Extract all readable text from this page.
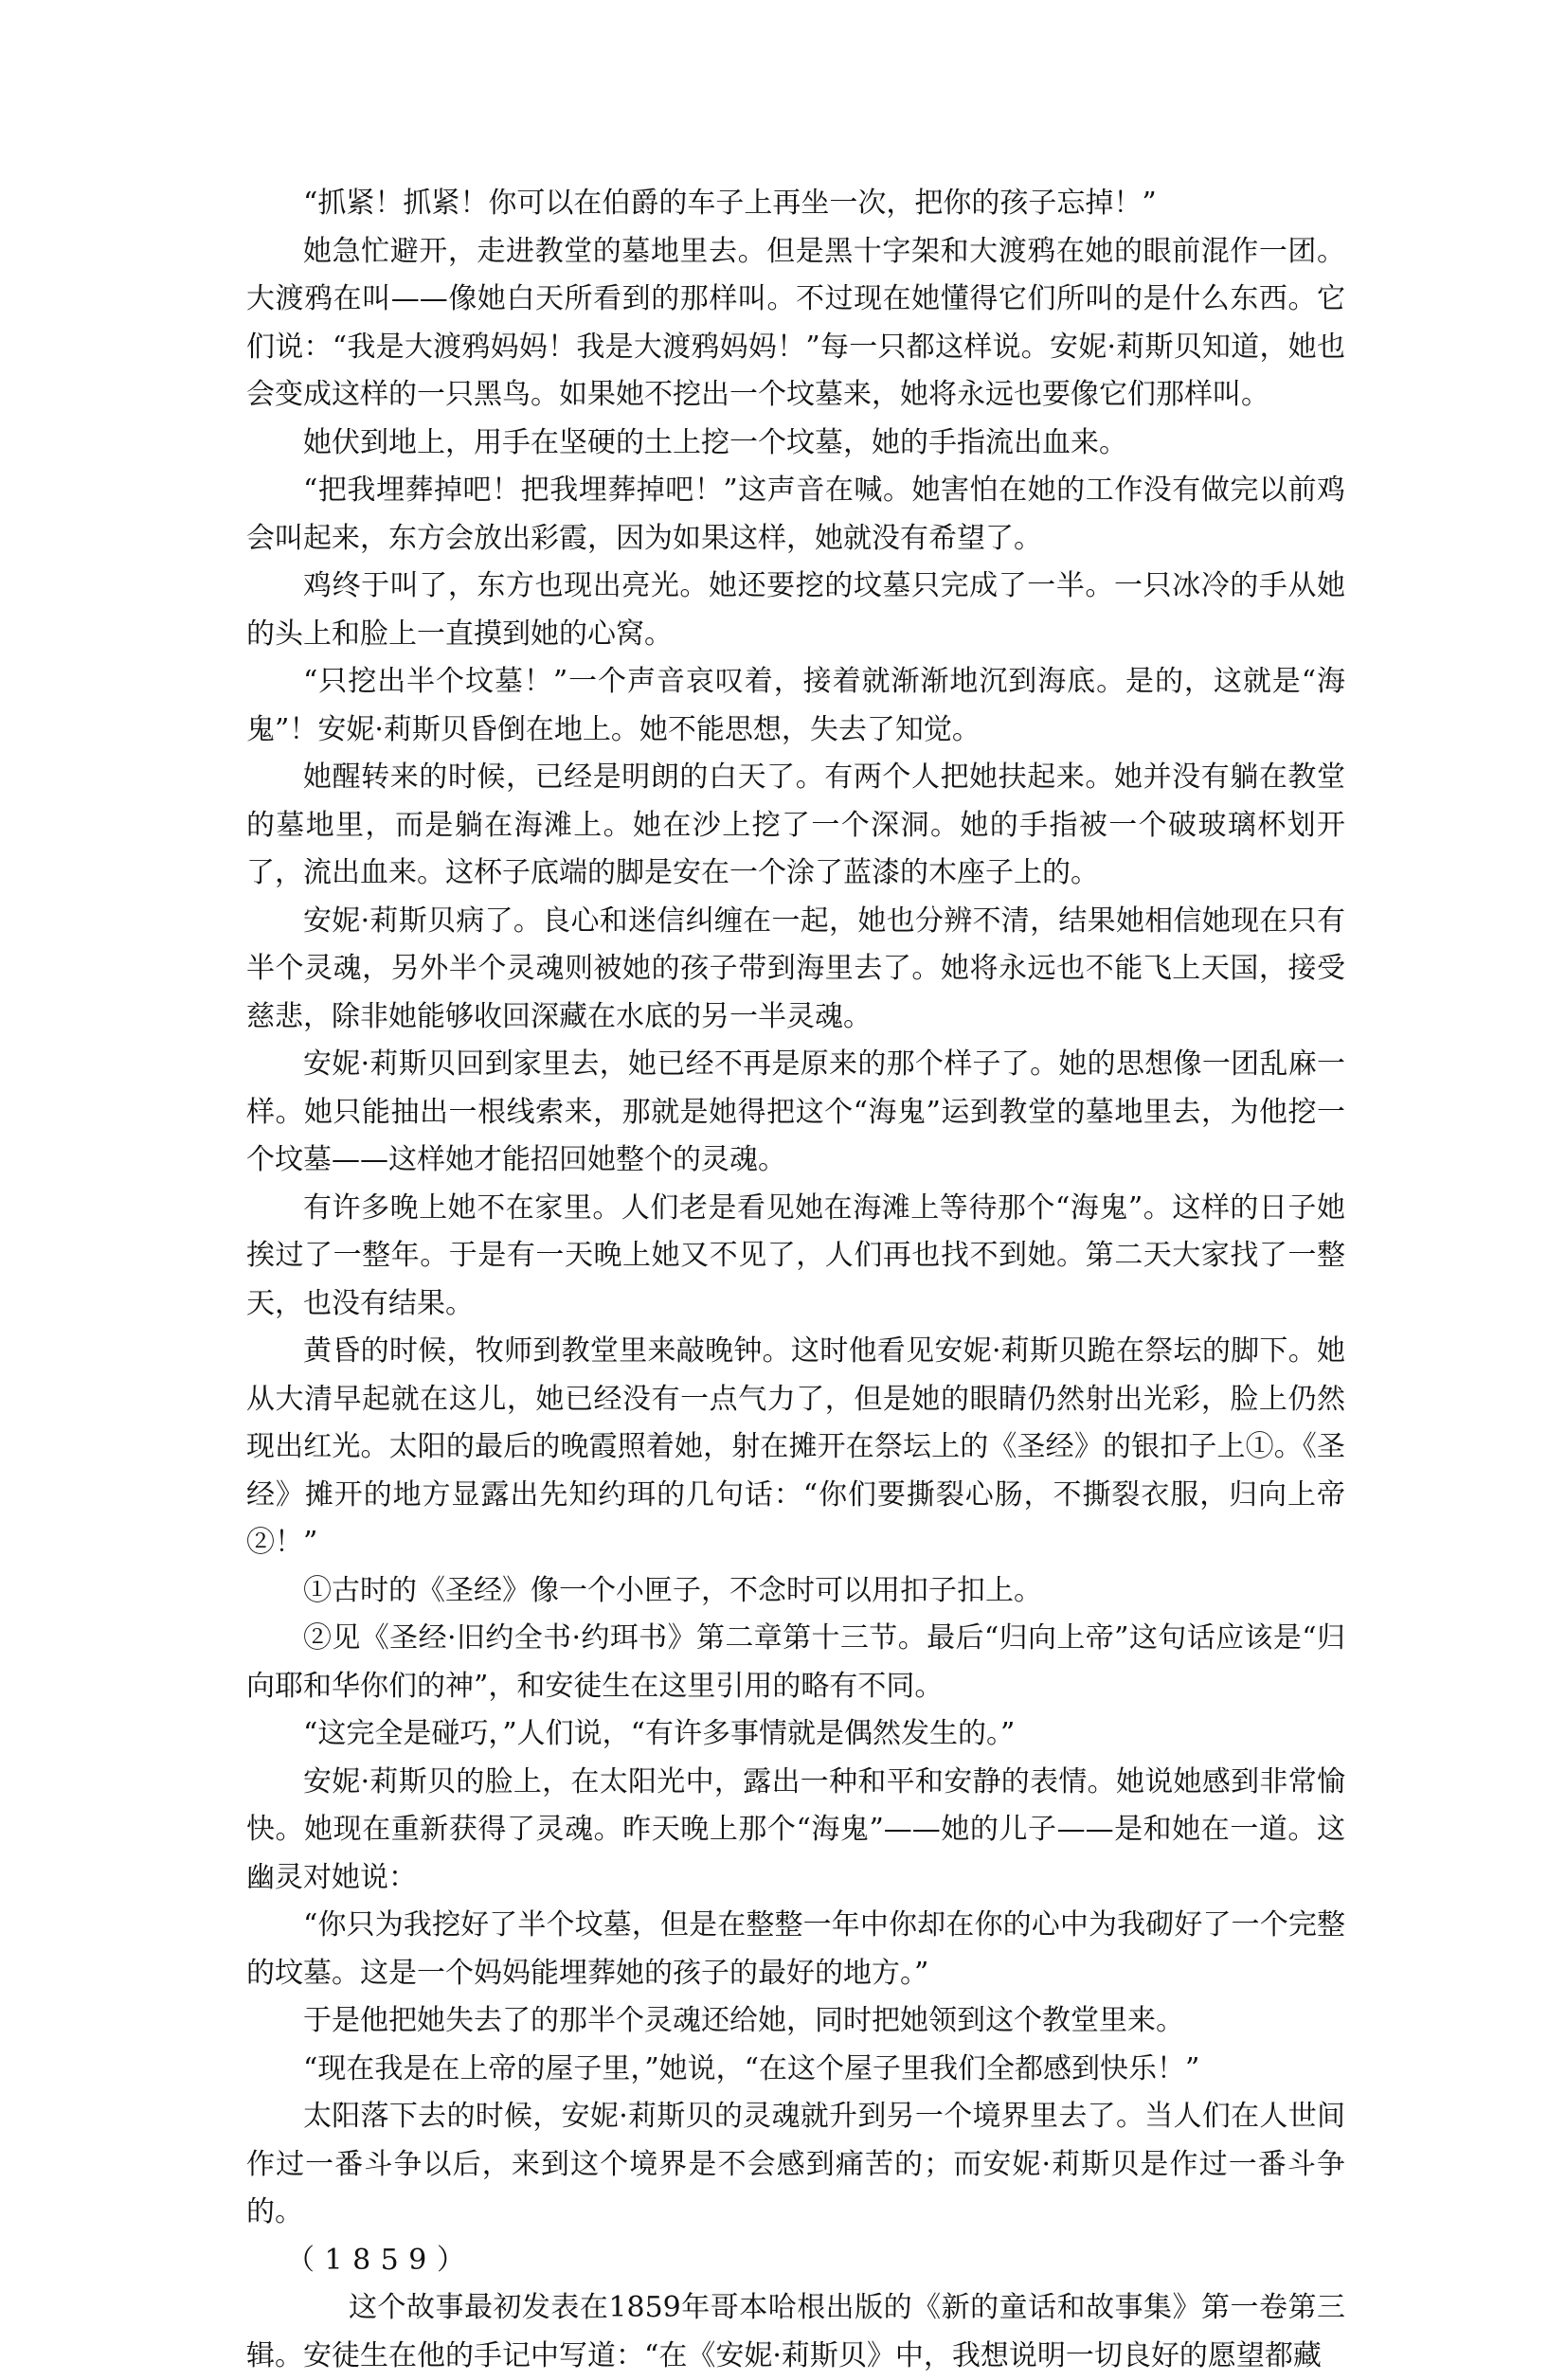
“抓紧！抓紧！你可以在伯爵的车子上再坐一次，把你的孩子忘掉！”

她急忙避开，走进教堂的墓地里去。但是黑十字架和大渡鸦在她的眼前混作一团。大渡鸦在叫——像她白天所看到的那样叫。不过现在她懂得它们所叫的是什么东西。它们说：“我是大渡鸦妈妈！我是大渡鸦妈妈！”每一只都这样说。安妮·莉斯贝知道，她也会变成这样的一只黑鸟。如果她不挖出一个坟墓来，她将永远也要像它们那样叫。

她伏到地上，用手在坚硬的土上挖一个坟墓，她的手指流出血来。

“把我埋葬掉吧！把我埋葬掉吧！”这声音在喊。她害怕在她的工作没有做完以前鸡会叫起来，东方会放出彩霞，因为如果这样，她就没有希望了。

鸡终于叫了，东方也现出亮光。她还要挖的坟墓只完成了一半。一只冰冷的手从她的头上和脸上一直摸到她的心窝。

“只挖出半个坟墓！”一个声音哀叹着，接着就渐渐地沉到海底。是的，这就是“海鬼”！安妮·莉斯贝昏倒在地上。她不能思想，失去了知觉。

她醒转来的时候，已经是明朗的白天了。有两个人把她扶起来。她并没有躺在教堂的墓地里，而是躺在海滩上。她在沙上挖了一个深洞。她的手指被一个破玻璃杯划开了，流出血来。这杯子底端的脚是安在一个涂了蓝漆的木座子上的。

安妮·莉斯贝病了。良心和迷信纠缠在一起，她也分辨不清，结果她相信她现在只有半个灵魂，另外半个灵魂则被她的孩子带到海里去了。她将永远也不能飞上天国，接受慈悲，除非她能够收回深藏在水底的另一半灵魂。

安妮·莉斯贝回到家里去，她已经不再是原来的那个样子了。她的思想像一团乱麻一样。她只能抽出一根线索来，那就是她得把这个“海鬼”运到教堂的墓地里去，为他挖一个坟墓——这样她才能招回她整个的灵魂。

有许多晚上她不在家里。人们老是看见她在海滩上等待那个“海鬼”。这样的日子她挨过了一整年。于是有一天晚上她又不见了，人们再也找不到她。第二天大家找了一整天，也没有结果。

黄昏的时候，牧师到教堂里来敲晚钟。这时他看见安妮·莉斯贝跪在祭坛的脚下。她从大清早起就在这儿，她已经没有一点气力了，但是她的眼睛仍然射出光彩，脸上仍然现出红光。太阳的最后的晚霞照着她，射在摊开在祭坛上的《圣经》的银扣子上①。《圣经》摊开的地方显露出先知约珥的几句话：“你们要撕裂心肠，不撕裂衣服，归向上帝②！”

①古时的《圣经》像一个小匣子，不念时可以用扣子扣上。

②见《圣经·旧约全书·约珥书》第二章第十三节。最后“归向上帝”这句话应该是“归向耶和华你们的神”，和安徒生在这里引用的略有不同。

“这完全是碰巧，”人们说，“有许多事情就是偶然发生的。”

安妮·莉斯贝的脸上，在太阳光中，露出一种和平和安静的表情。她说她感到非常愉快。她现在重新获得了灵魂。昨天晚上那个“海鬼”——她的儿子——是和她在一道。这幽灵对她说：

“你只为我挖好了半个坟墓，但是在整整一年中你却在你的心中为我砌好了一个完整的坟墓。这是一个妈妈能埋葬她的孩子的最好的地方。”

于是他把她失去了的那半个灵魂还给她，同时把她领到这个教堂里来。

“现在我是在上帝的屋子里，”她说，“在这个屋子里我们全都感到快乐！”

太阳落下去的时候，安妮·莉斯贝的灵魂就升到另一个境界里去了。当人们在人世间作过一番斗争以后，来到这个境界是不会感到痛苦的；而安妮·莉斯贝是作过一番斗争的。

（1859）

这个故事最初发表在1859年哥本哈根出版的《新的童话和故事集》第一卷第三辑。安徒生在他的手记中写道：“在《安妮·莉斯贝》中，我想说明一切良好的愿望都藏
